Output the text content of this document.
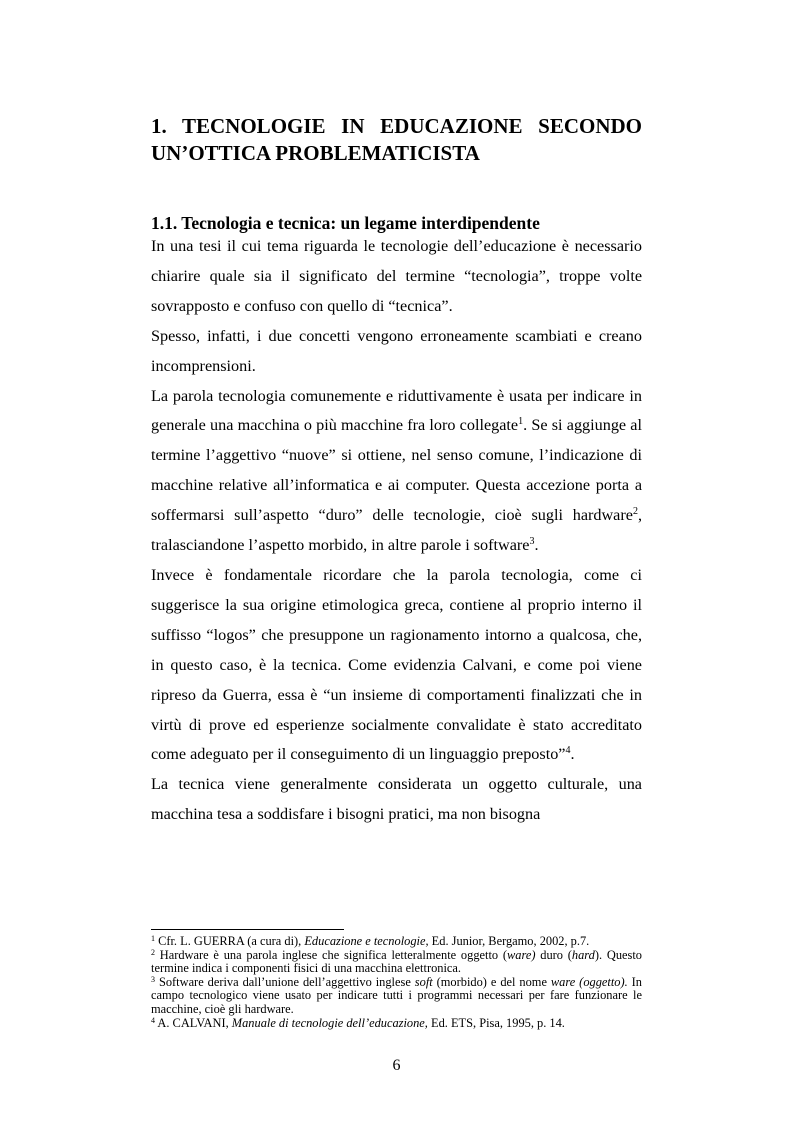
1. TECNOLOGIE IN EDUCAZIONE SECONDO
UN’OTTICA PROBLEMATICISTA
1.1. Tecnologia e tecnica: un legame interdipendente

In una tesi il cui tema riguarda le tecnologie dell’educazione è necessario chiarire quale sia il significato del termine “tecnologia”, troppe volte sovrapposto e confuso con quello di “tecnica”.

Spesso, infatti, i due concetti vengono erroneamente scambiati e creano incomprensioni.

La parola tecnologia comunemente e riduttivamente è usata per indicare in generale una macchina o più macchine fra loro collegate$^1$. Se si aggiunge al termine l’aggettivo “nuove” si ottiene, nel senso comune, l’indicazione di macchine relative all’informatica e ai computer. Questa accezione porta a soffermarsi sull’aspetto “duro” delle tecnologie, cioè sugli hardware$^2$, tralasciandone l’aspetto morbido, in altre parole i software$^3$.

Invece è fondamentale ricordare che la parola tecnologia, come ci suggerisce la sua origine etimologica greca, contiene al proprio interno il suffisso “logos” che presuppone un ragionamento intorno a qualcosa, che, in questo caso, è la tecnica. Come evidenzia Calvani, e come poi viene ripreso da Guerra, essa è “un insieme di comportamenti finalizzati che in virtù di prove ed esperienze socialmente convalidate è stato accreditato come adeguato per il conseguimento di un linguaggio preposto”$^4$.

La tecnica viene generalmente considerata un oggetto culturale, una macchina tesa a soddisfare i bisogni pratici, ma non bisogna

$^1$ Cfr. L. GUERRA (a cura di), Educazione e tecnologie, Ed. Junior, Bergamo, 2002, p.7.

$^2$ Hardware è una parola inglese che significa letteralmente oggetto (ware) duro (hard). Questo termine indica i componenti fisici di una macchina elettronica.

$^3$ Software deriva dall’unione dell’aggettivo inglese soft (morbido) e del nome ware (oggetto). In campo tecnologico viene usato per indicare tutti i programmi necessari per fare funzionare le macchine, cioè gli hardware.

$^4$ A. CALVANI, Manuale di tecnologie dell’educazione, Ed. ETS, Pisa, 1995, p. 14.

6
